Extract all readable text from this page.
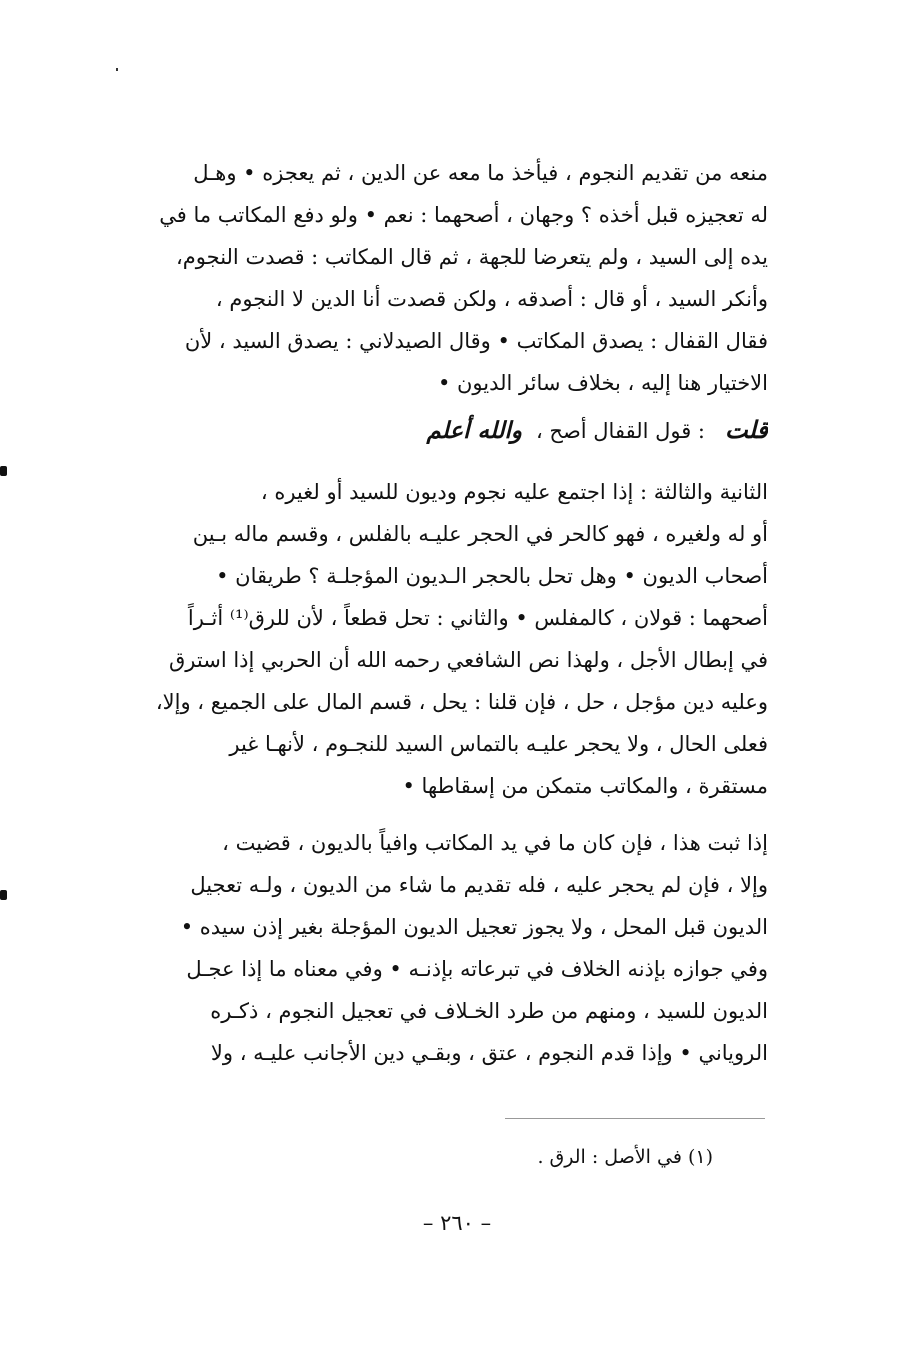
منعه من تقديم النجوم ، فيأخذ ما معه عن الدين ، ثم يعجزه • وهـل
له تعجيزه قبل أخذه ؟ وجهان ، أصحهما : نعم • ولو دفع المكاتب ما في
يده إلى السيد ، ولم يتعرضا للجهة ، ثم قال المكاتب : قصدت النجوم،
وأنكر السيد ، أو قال : أصدقه ، ولكن قصدت أنا الدين لا النجوم ،
فقال القفال : يصدق المكاتب • وقال الصيدلاني : يصدق السيد ، لأن
الاختيار هنا إليه ، بخلاف سائر الديون •
قلت: قول القفال أصح ،والله أعلم
الثانية والثالثة : إذا اجتمع عليه نجوم وديون للسيد أو لغيره ،
أو له ولغيره ، فهو كالحر في الحجر عليـه بالفلس ، وقسم ماله بـين
أصحاب الديون • وهل تحل بالحجر الـديون المؤجلـة ؟ طريقان •
أصحهما : قولان ، كالمفلس • والثاني : تحل قطعاً ، لأن للرق⁽¹⁾ أثـراً
في إبطال الأجل ، ولهذا نص الشافعي رحمه الله أن الحربي إذا استرق
وعليه دين مؤجل ، حل ، فإن قلنا : يحل ، قسم المال على الجميع ، وإلا،
فعلى الحال ، ولا يحجر عليـه بالتماس السيد للنجـوم ، لأنهـا غير
مستقرة ، والمكاتب متمكن من إسقاطها •
إذا ثبت هذا ، فإن كان ما في يد المكاتب وافياً بالديون ، قضيت ،
وإلا ، فإن لم يحجر عليه ، فله تقديم ما شاء من الديون ، ولـه تعجيل
الديون قبل المحل ، ولا يجوز تعجيل الديون المؤجلة بغير إذن سيده •
وفي جوازه بإذنه الخلاف في تبرعاته بإذنـه • وفي معناه ما إذا عجـل
الديون للسيد ، ومنهم من طرد الخـلاف في تعجيل النجوم ، ذكـره
الروياني • وإذا قدم النجوم ، عتق ، وبقـي دين الأجانب عليـه ، ولا
(١) في الأصل : الرق .
– ٢٦٠ –
